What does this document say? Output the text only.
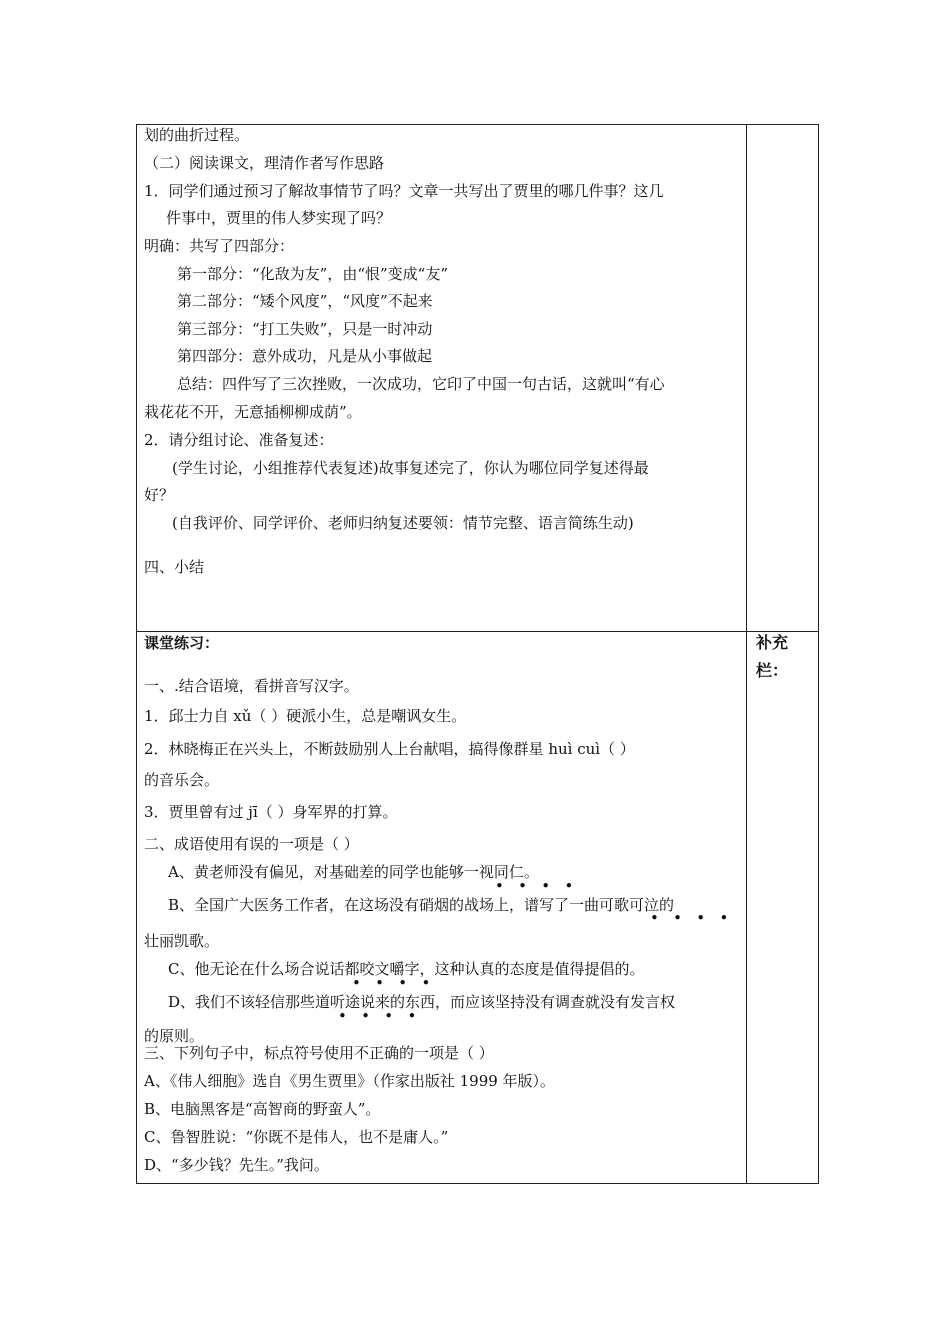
划的曲折过程。
（二）阅读课文，理清作者写作思路
1．同学们通过预习了解故事情节了吗？文章一共写出了贾里的哪几件事？这几
件事中，贾里的伟人梦实现了吗？
明确：共写了四部分：
第一部分：“化敌为友”，由“恨”变成“友”
第二部分：“矮个风度”，“风度”不起来
第三部分：“打工失败”，只是一时冲动
第四部分：意外成功，凡是从小事做起
总结：四件写了三次挫败，一次成功，它印了中国一句古话，这就叫“有心
栽花花不开，无意插柳柳成荫”。
2．请分组讨论、准备复述：
(学生讨论，小组推荐代表复述)故事复述完了，你认为哪位同学复述得最
好？
(自我评价、同学评价、老师归纳复述要领：情节完整、语言简练生动)
四、小结
课堂练习：	补充
栏：
一、.结合语境，看拼音写汉字。
1．邱士力自 xǔ（ ）硬派小生，总是嘲讽女生。
2．林晓梅正在兴头上，不断鼓励别人上台献唱，搞得像群星 huì cuì（ ）
的音乐会。
3．贾里曾有过 jī（ ）身军界的打算。
二、成语使用有误的一项是（ ）
A、黄老师没有偏见，对基础差的同学也能够一视同仁。
•   •   •   •
B、全国广大医务工作者，在这场没有硝烟的战场上，谱写了一曲可歌可泣的
•   •   •   •
壮丽凯歌。
C、他无论在什么场合说话都咬文嚼字，这种认真的态度是值得提倡的。
•   •   •   •
D、我们不该轻信那些道听途说来的东西，而应该坚持没有调查就没有发言权
•   •   •   •
的原则。
三、下列句子中，标点符号使用不正确的一项是（ ）
A、《伟人细胞》选自《男生贾里》（作家出版社 1999 年版）。
B、电脑黑客是“高智商的野蛮人”。
C、鲁智胜说：“你既不是伟人，也不是庸人。”
D、“多少钱？先生。”我问。
